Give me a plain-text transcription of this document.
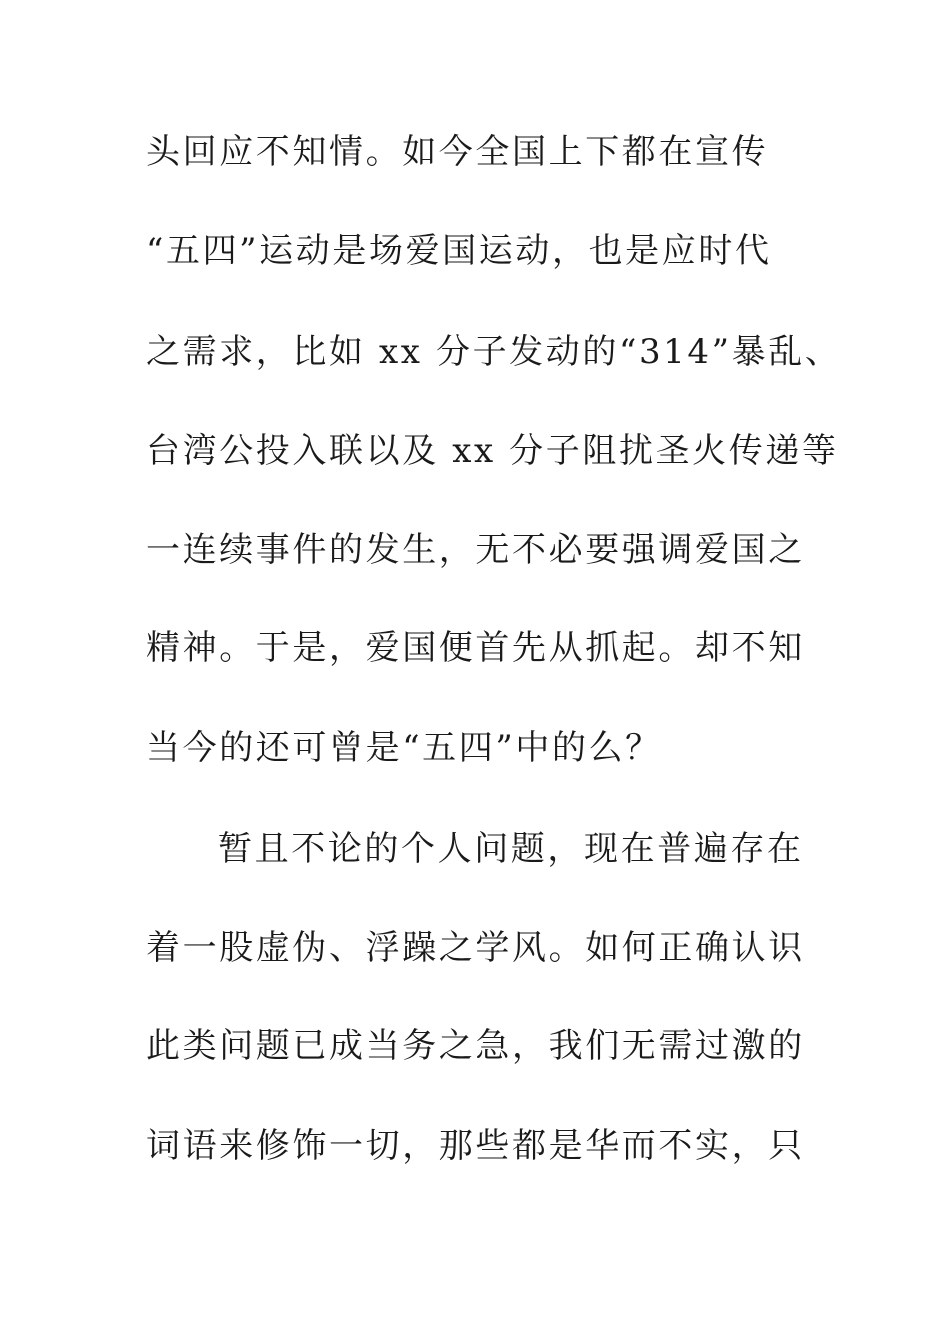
头回应不知情。如今全国上下都在宣传
“五四”运动是场爱国运动，也是应时代
之需求，比如 xx 分子发动的“314”暴乱、
台湾公投入联以及 xx 分子阻扰圣火传递等
一连续事件的发生，无不必要强调爱国之
精神。于是，爱国便首先从抓起。却不知
当今的还可曾是“五四”中的么？
暂且不论的个人问题，现在普遍存在
着一股虚伪、浮躁之学风。如何正确认识
此类问题已成当务之急，我们无需过激的
词语来修饰一切，那些都是华而不实，只
